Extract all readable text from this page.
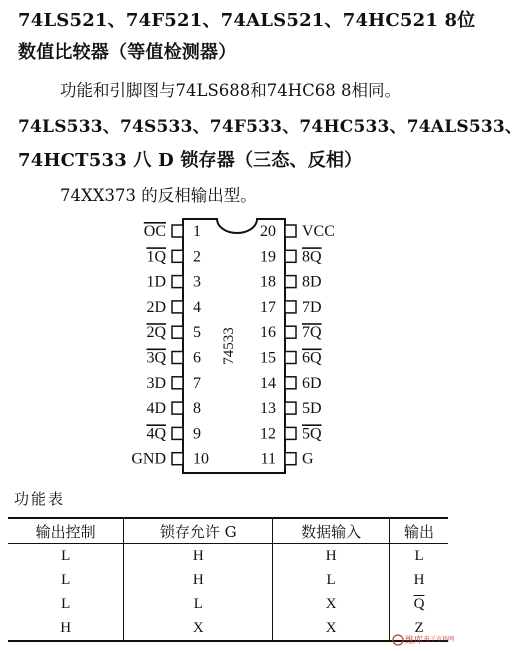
74LS521、74F521、74ALS521、74HC521 8位
数值比较器（等值检测器）
功能和引脚图与74LS688和74HC68 8相同。
74LS533、74S533、74F533、74HC533、74ALS533、
74HCT533 八 D 锁存器（三态、反相）
74XX373 的反相输出型。
74533
OC 1
1Q 2
1D 3
2D 4
2Q 5
3Q 6
3D 7
4D 8
4Q 9
GND 10
VCC
20
8Q
19
8D
18
7D
17
7Q
16
6Q
15
6D
14
5D
13
5Q
12
G
11
功能表
输出控制	锁存允许 G	数据输入	输出
L	H	H	L
L	H	L	H
L	L	X	$\overline{Q}$
H	X	X	Z
维库 电子市场网
